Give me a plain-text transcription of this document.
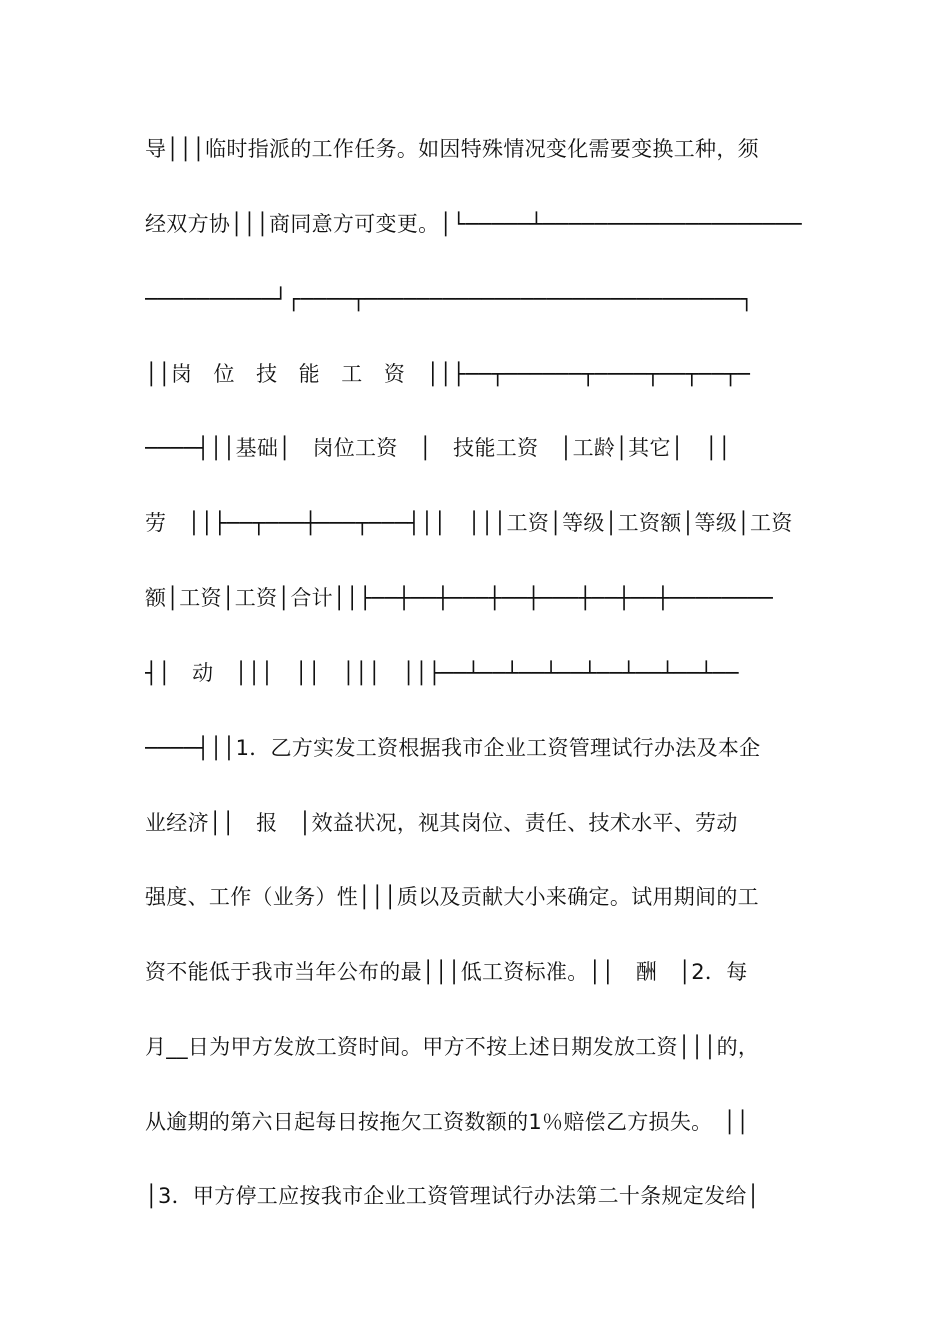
导│││临时指派的工作任务。如因特殊情况变化需要变换工种，须
经双方协│││商同意方可变更。│└─────┴────────────────────
──────────┘┌────┬─────────────────────────────┐
││岗　位　技　能　工　资　││├──┬──────┬────┬──┬──┬─
────┤││基础│　岗位工资　│　技能工资　│工龄│其它│　││
劳　││├──┬───┼───┬───┤││　│││工资│等级│工资额│等级│工资
额│工资│工资│合计││├──┼──┼───┼──┼───┼──┼──┼────────
┤│　动　│││　││　│││　││├──┴──┴──┴──┴──┴──┴──┴──
────┤││1．乙方实发工资根据我市企业工资管理试行办法及本企
业经济││　报　│效益状况，视其岗位、责任、技术水平、劳动
强度、工作（业务）性│││质以及贡献大小来确定。试用期间的工
资不能低于我市当年公布的最│││低工资标准。││　酬　│2．每
月__日为甲方发放工资时间。甲方不按上述日期发放工资│││的，
从逾期的第六日起每日按拖欠工资数额的1％赔偿乙方损失。　││
│3．甲方停工应按我市企业工资管理试行办法第二十条规定发给│
